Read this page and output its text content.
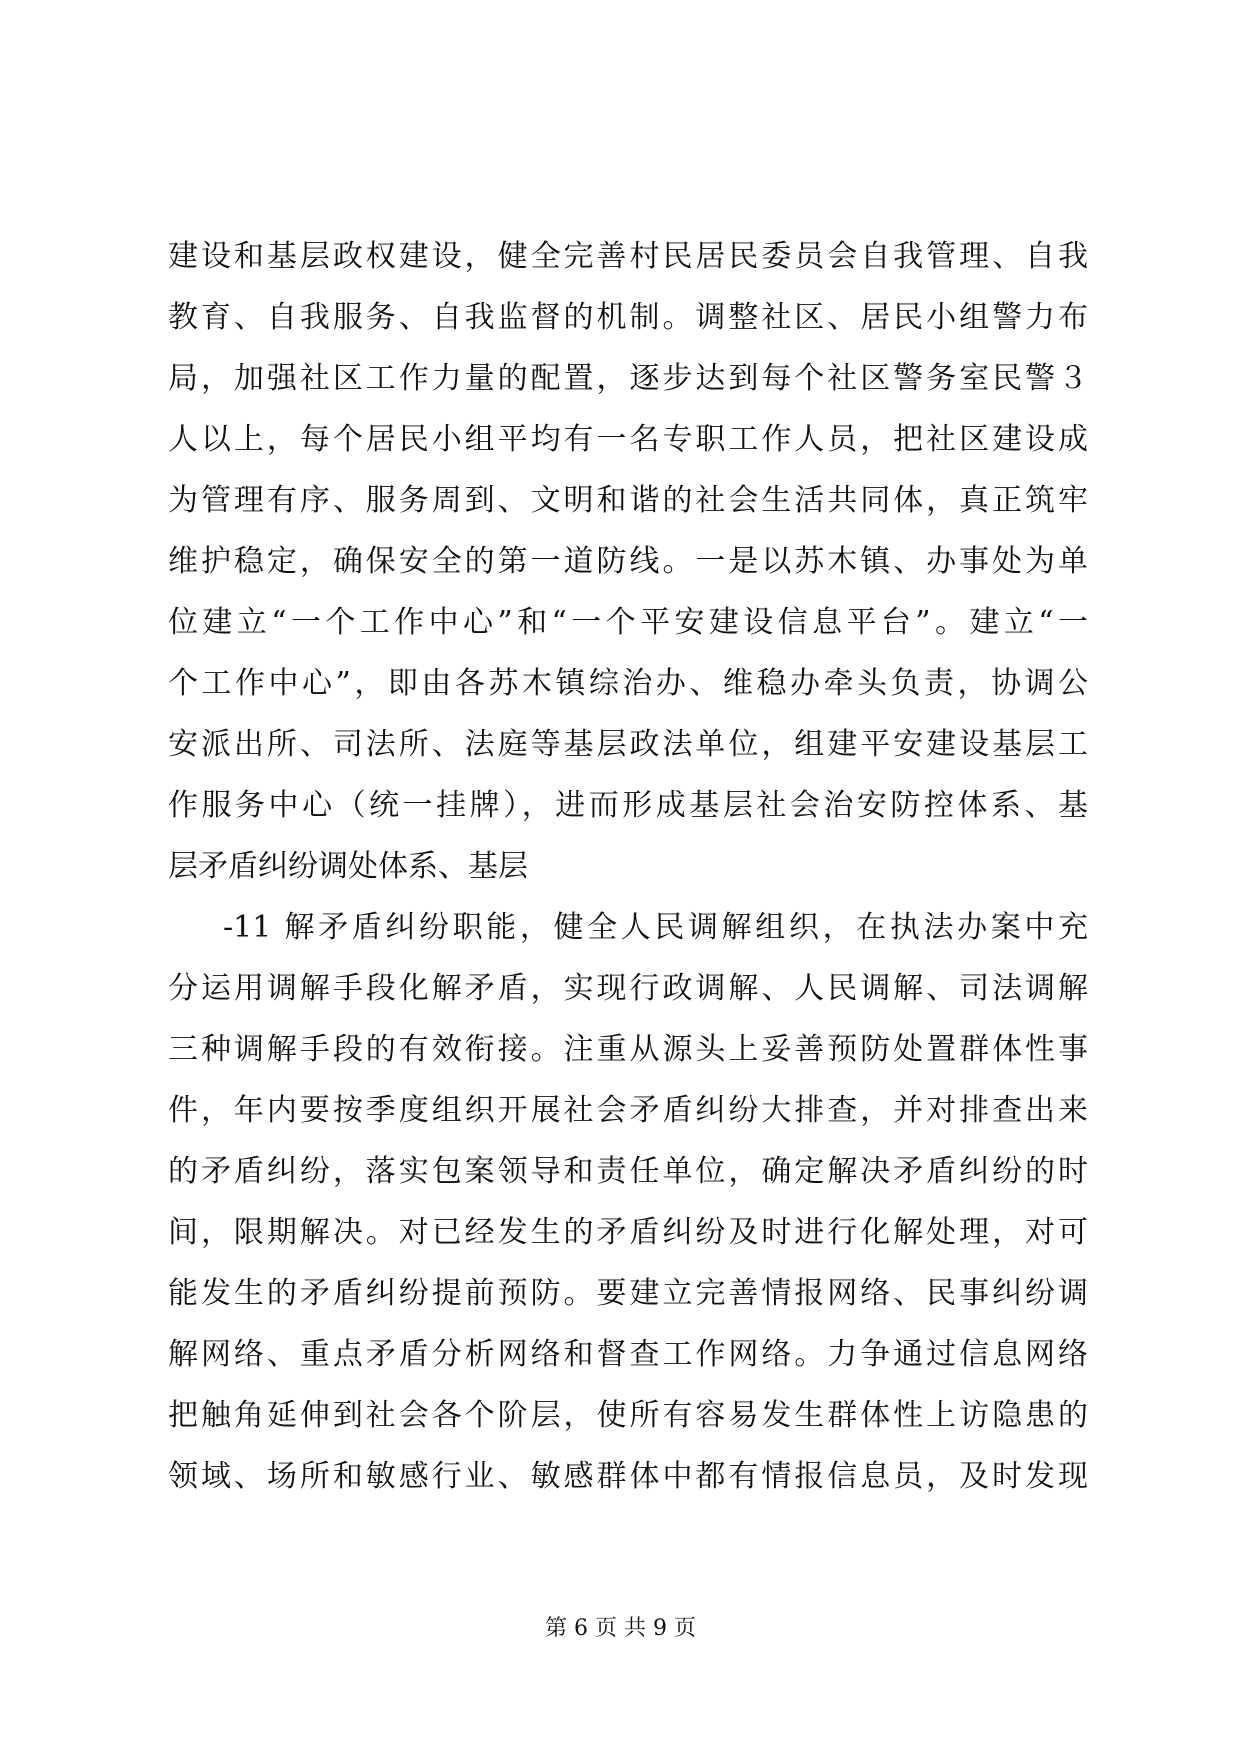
建设和基层政权建设，健全完善村民居民委员会自我管理、自我
教育、自我服务、自我监督的机制。调整社区、居民小组警力布
局，加强社区工作力量的配置，逐步达到每个社区警务室民警３
人以上，每个居民小组平均有一名专职工作人员，把社区建设成
为管理有序、服务周到、文明和谐的社会生活共同体，真正筑牢
维护稳定，确保安全的第一道防线。一是以苏木镇、办事处为单
位建立“一个工作中心”和“一个平安建设信息平台”。建立“一
个工作中心”，即由各苏木镇综治办、维稳办牵头负责，协调公
安派出所、司法所、法庭等基层政法单位，组建平安建设基层工
作服务中心（统一挂牌），进而形成基层社会治安防控体系、基
层矛盾纠纷调处体系、基层
-11 解矛盾纠纷职能，健全人民调解组织，在执法办案中充
分运用调解手段化解矛盾，实现行政调解、人民调解、司法调解
三种调解手段的有效衔接。注重从源头上妥善预防处置群体性事
件，年内要按季度组织开展社会矛盾纠纷大排查，并对排查出来
的矛盾纠纷，落实包案领导和责任单位，确定解决矛盾纠纷的时
间，限期解决。对已经发生的矛盾纠纷及时进行化解处理，对可
能发生的矛盾纠纷提前预防。要建立完善情报网络、民事纠纷调
解网络、重点矛盾分析网络和督查工作网络。力争通过信息网络
把触角延伸到社会各个阶层，使所有容易发生群体性上访隐患的
领域、场所和敏感行业、敏感群体中都有情报信息员，及时发现
第 6 页 共 9 页
